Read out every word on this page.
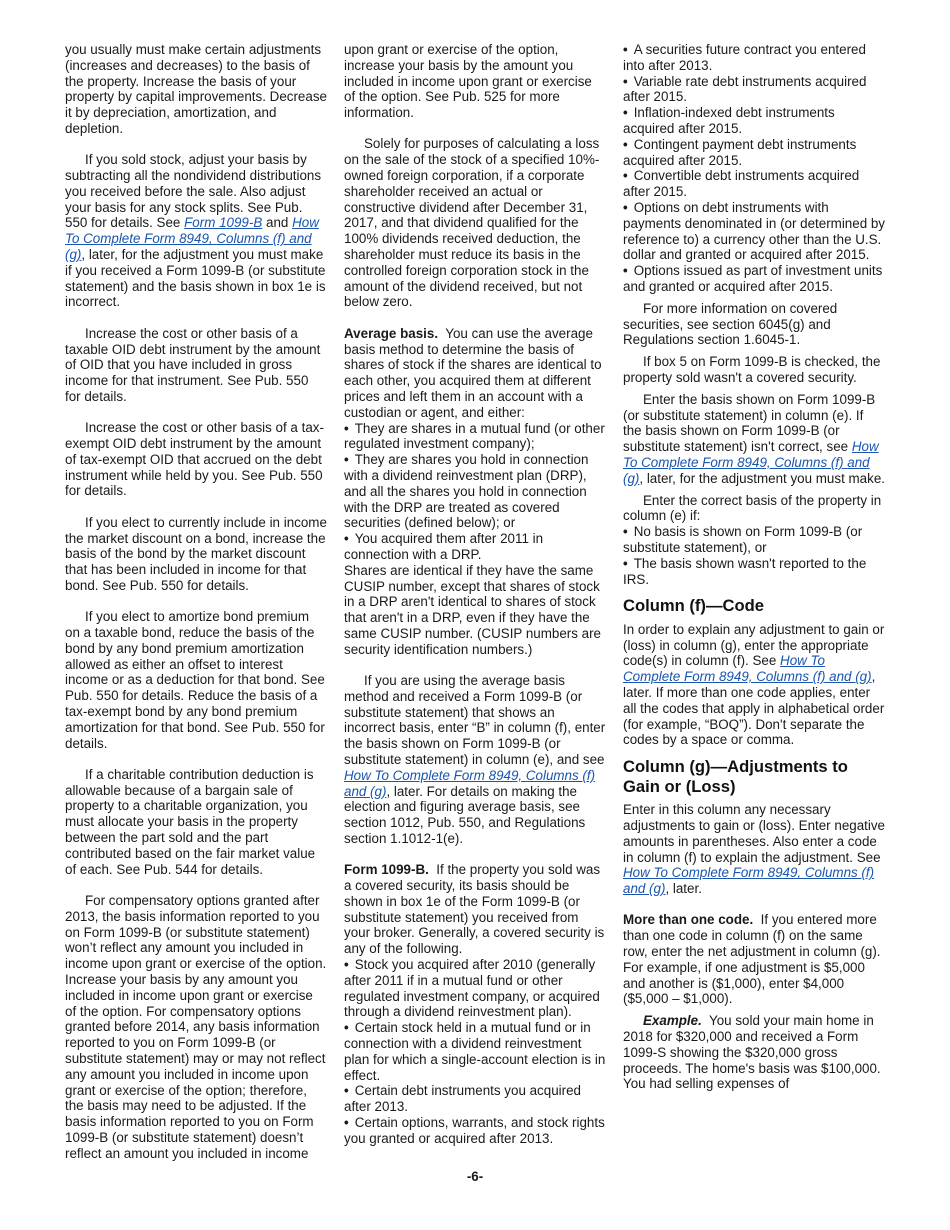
you usually must make certain adjustments (increases and decreases) to the basis of the property. Increase the basis of your property by capital improvements. Decrease it by depreciation, amortization, and depletion.

If you sold stock, adjust your basis by subtracting all the nondividend distributions you received before the sale. Also adjust your basis for any stock splits. See Pub. 550 for details. See Form 1099-B and How To Complete Form 8949, Columns (f) and (g), later, for the adjustment you must make if you received a Form 1099-B (or substitute statement) and the basis shown in box 1e is incorrect.

Increase the cost or other basis of a taxable OID debt instrument by the amount of OID that you have included in gross income for that instrument. See Pub. 550 for details.

Increase the cost or other basis of a tax-exempt OID debt instrument by the amount of tax-exempt OID that accrued on the debt instrument while held by you. See Pub. 550 for details.

If you elect to currently include in income the market discount on a bond, increase the basis of the bond by the market discount that has been included in income for that bond. See Pub. 550 for details.

If you elect to amortize bond premium on a taxable bond, reduce the basis of the bond by any bond premium amortization allowed as either an offset to interest income or as a deduction for that bond. See Pub. 550 for details. Reduce the basis of a tax-exempt bond by any bond premium amortization for that bond. See Pub. 550 for details.

If a charitable contribution deduction is allowable because of a bargain sale of property to a charitable organization, you must allocate your basis in the property between the part sold and the part contributed based on the fair market value of each. See Pub. 544 for details.

For compensatory options granted after 2013, the basis information reported to you on Form 1099-B (or substitute statement) won’t reflect any amount you included in income upon grant or exercise of the option. Increase your basis by any amount you included in income upon grant or exercise of the option. For compensatory options granted before 2014, any basis information reported to you on Form 1099-B (or substitute statement) may or may not reflect any amount you included in income upon grant or exercise of the option; therefore, the basis may need to be adjusted. If the basis information reported to you on Form 1099-B (or substitute statement) doesn’t reflect an amount you included in income

upon grant or exercise of the option, increase your basis by the amount you included in income upon grant or exercise of the option. See Pub. 525 for more information.

Solely for purposes of calculating a loss on the sale of the stock of a specified 10%-owned foreign corporation, if a corporate shareholder received an actual or constructive dividend after December 31, 2017, and that dividend qualified for the 100% dividends received deduction, the shareholder must reduce its basis in the controlled foreign corporation stock in the amount of the dividend received, but not below zero.

Average basis. You can use the average basis method to determine the basis of shares of stock if the shares are identical to each other, you acquired them at different prices and left them in an account with a custodian or agent, and either:

• They are shares in a mutual fund (or other regulated investment company);
• They are shares you hold in connection with a dividend reinvestment plan (DRP), and all the shares you hold in connection with the DRP are treated as covered securities (defined below); or
• You acquired them after 2011 in connection with a DRP.

Shares are identical if they have the same CUSIP number, except that shares of stock in a DRP aren't identical to shares of stock that aren't in a DRP, even if they have the same CUSIP number. (CUSIP numbers are security identification numbers.)

If you are using the average basis method and received a Form 1099-B (or substitute statement) that shows an incorrect basis, enter “B” in column (f), enter the basis shown on Form 1099-B (or substitute statement) in column (e), and see How To Complete Form 8949, Columns (f) and (g), later. For details on making the election and figuring average basis, see section 1012, Pub. 550, and Regulations section 1.1012-1(e).

Form 1099-B. If the property you sold was a covered security, its basis should be shown in box 1e of the Form 1099-B (or substitute statement) you received from your broker. Generally, a covered security is any of the following.

• Stock you acquired after 2010 (generally after 2011 if in a mutual fund or other regulated investment company, or acquired through a dividend reinvestment plan).
• Certain stock held in a mutual fund or in connection with a dividend reinvestment plan for which a single-account election is in effect.
• Certain debt instruments you acquired after 2013.
• Certain options, warrants, and stock rights you granted or acquired after 2013.
• A securities future contract you entered into after 2013.
• Variable rate debt instruments acquired after 2015.
• Inflation-indexed debt instruments acquired after 2015.
• Contingent payment debt instruments acquired after 2015.
• Convertible debt instruments acquired after 2015.
• Options on debt instruments with payments denominated in (or determined by reference to) a currency other than the U.S. dollar and granted or acquired after 2015.
• Options issued as part of investment units and granted or acquired after 2015.

For more information on covered securities, see section 6045(g) and Regulations section 1.6045-1.

If box 5 on Form 1099-B is checked, the property sold wasn't a covered security.

Enter the basis shown on Form 1099-B (or substitute statement) in column (e). If the basis shown on Form 1099-B (or substitute statement) isn't correct, see How To Complete Form 8949, Columns (f) and (g), later, for the adjustment you must make.

Enter the correct basis of the property in column (e) if:

• No basis is shown on Form 1099-B (or substitute statement), or
• The basis shown wasn't reported to the IRS.
Column (f)—Code

In order to explain any adjustment to gain or (loss) in column (g), enter the appropriate code(s) in column (f). See How To Complete Form 8949, Columns (f) and (g), later. If more than one code applies, enter all the codes that apply in alphabetical order (for example, “BOQ”). Don't separate the codes by a space or comma.

Column (g)—Adjustments to Gain or (Loss)

Enter in this column any necessary adjustments to gain or (loss). Enter negative amounts in parentheses. Also enter a code in column (f) to explain the adjustment. See How To Complete Form 8949, Columns (f) and (g), later.

More than one code. If you entered more than one code in column (f) on the same row, enter the net adjustment in column (g). For example, if one adjustment is $5,000 and another is ($1,000), enter $4,000 ($5,000 – $1,000).

Example. You sold your main home in 2018 for $320,000 and received a Form 1099-S showing the $320,000 gross proceeds. The home's basis was $100,000. You had selling expenses of

-6-
